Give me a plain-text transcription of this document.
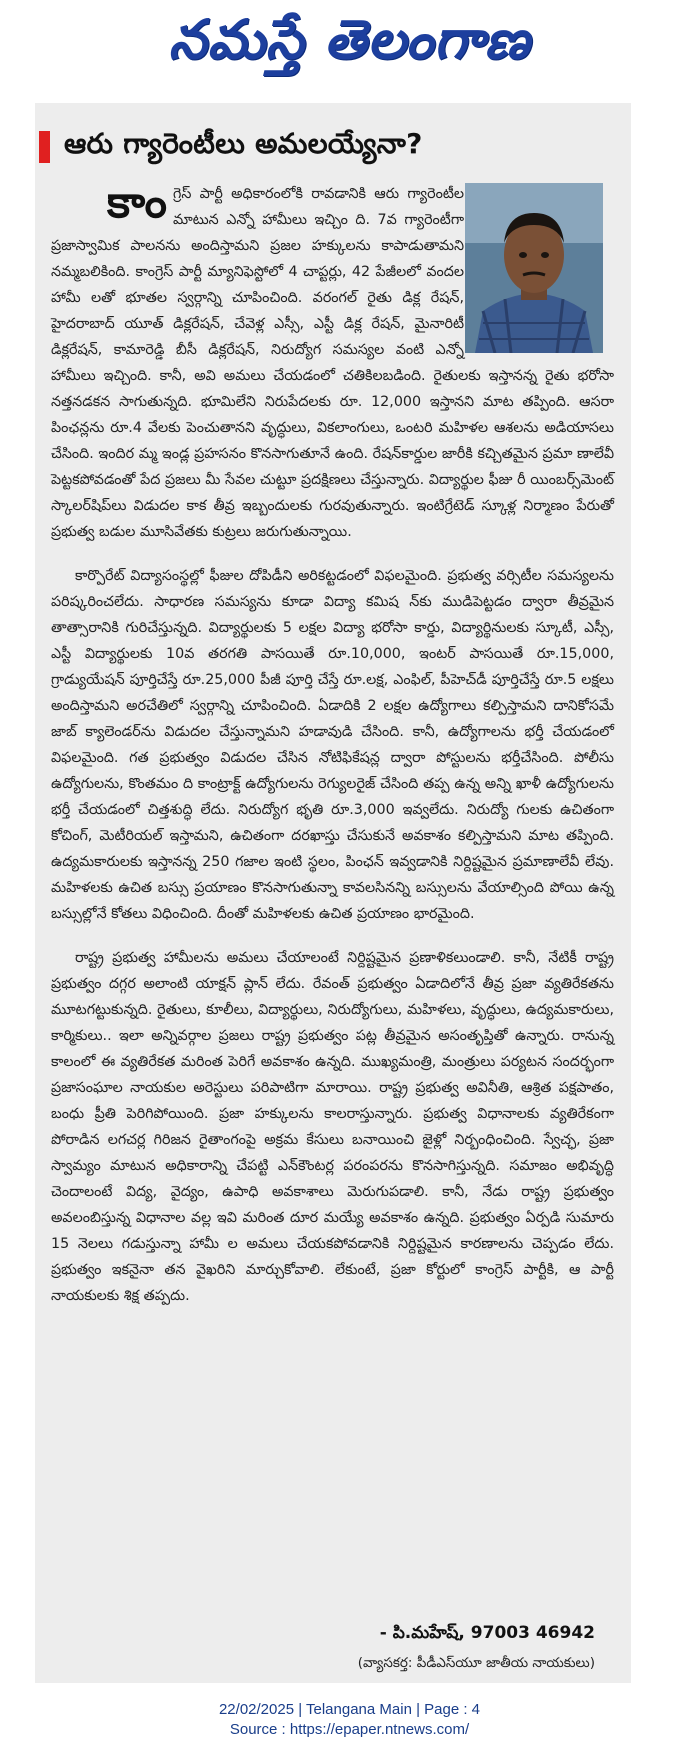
నమస్తే తెలంగాణ
ఆరు గ్యారెంటీలు అమలయ్యేనా?

కాంగ్రెస్ పార్టీ అధికారంలోకి రావడానికి ఆరు గ్యారెంటీల మాటున ఎన్నో హామీలు ఇచ్చిం ది. 7వ గ్యారెంటీగా ప్రజాస్వామిక పాలనను అందిస్తామని ప్రజల హక్కులను కాపాడుతామని నమ్మబలికింది. కాంగ్రెస్ పార్టీ మ్యానిఫెస్టోలో 4 చాప్టర్లు, 42 పేజీలలో వందల హామీ లతో భూతల స్వర్గాన్ని చూపించింది. వరంగల్ రైతు డిక్ల రేషన్, హైదరాబాద్ యూత్ డిక్లరేషన్, చేవెళ్ల ఎస్సీ, ఎస్టీ డిక్ల రేషన్, మైనారిటీ డిక్లరేషన్, కామారెడ్డి బీసీ డిక్లరేషన్, నిరుద్యోగ సమస్యల వంటి ఎన్నో హామీలు ఇచ్చింది. కానీ, అవి అమలు చేయడంలో చతికిలబడింది. రైతులకు ఇస్తానన్న రైతు భరోసా నత్తనడకన సాగుతున్నది. భూమిలేని నిరుపేదలకు రూ. 12,000 ఇస్తానని మాట తప్పింది. ఆసరా పింఛన్లను రూ.4 వేలకు పెంచుతానని వృద్ధులు, వికలాంగులు, ఒంటరి మహిళల ఆశలను అడియాసలు చేసింది. ఇందిర మ్మ ఇండ్ల ప్రహసనం కొనసాగుతూనే ఉంది. రేషన్‌కార్డుల జారీకి కచ్చితమైన ప్రమా ణాలేవీ పెట్టకపోవడంతో పేద ప్రజలు మీ సేవల చుట్టూ ప్రదక్షిణలు చేస్తున్నారు. విద్యార్థుల ఫీజు రీ యింబర్స్‌మెంట్ స్కాలర్‌షిప్‌లు విడుదల కాక తీవ్ర ఇబ్బందులకు గురవుతున్నారు. ఇంటిగ్రేటెడ్ స్కూళ్ల నిర్మాణం పేరుతో ప్రభుత్వ బడుల మూసివేతకు కుట్రలు జరుగుతున్నాయి.

కార్పొరేట్ విద్యాసంస్థల్లో ఫీజుల దోపిడీని అరికట్టడంలో విఫలమైంది. ప్రభుత్వ వర్సిటీల సమస్యలను పరిష్కరించలేదు. సాధారణ సమస్యను కూడా విద్యా కమిష న్‌కు ముడిపెట్టడం ద్వారా తీవ్రమైన తాత్సారానికి గురిచేస్తున్నది. విద్యార్థులకు 5 లక్షల విద్యా భరోసా కార్డు, విద్యార్థినులకు స్కూటీ, ఎస్సీ, ఎస్టీ విద్యార్థులకు 10వ తరగతి పాసయితే రూ.10,000, ఇంటర్ పాసయితే రూ.15,000, గ్రాడ్యుయేషన్ పూర్తిచేస్తే రూ.25,000 పీజీ పూర్తి చేస్తే రూ.లక్ష, ఎంఫిల్, పీహెచ్‌డీ పూర్తిచేస్తే రూ.5 లక్షలు అందిస్తామని అరచేతిలో స్వర్గాన్ని చూపించింది. ఏడాదికి 2 లక్షల ఉద్యోగాలు కల్పిస్తామని దానికోసమే జాబ్ క్యాలెండర్‌ను విడుదల చేస్తున్నామని హడావుడి చేసింది. కానీ, ఉద్యోగాలను భర్తీ చేయడంలో విఫలమైంది. గత ప్రభుత్వం విడుదల చేసిన నోటిఫికేషన్ల ద్వారా పోస్టులను భర్తీచేసింది. పోలీసు ఉద్యోగులను, కొంతమం ది కాంట్రాక్ట్ ఉద్యోగులను రెగ్యులరైజ్ చేసింది తప్ప ఉన్న అన్ని ఖాళీ ఉద్యోగులను భర్తీ చేయడంలో చిత్తశుద్ధి లేదు. నిరుద్యోగ భృతి రూ.3,000 ఇవ్వలేదు. నిరుద్యో గులకు ఉచితంగా కోచింగ్, మెటీరియల్ ఇస్తామని, ఉచితంగా దరఖాస్తు చేసుకునే అవకాశం కల్పిస్తామని మాట తప్పింది. ఉద్యమకారులకు ఇస్తానన్న 250 గజాల ఇంటి స్థలం, పింఛన్ ఇవ్వడానికి నిర్దిష్టమైన ప్రమాణాలేవీ లేవు. మహిళలకు ఉచిత బస్సు ప్రయాణం కొనసాగుతున్నా కావలసినన్ని బస్సులను వేయాల్సింది పోయి ఉన్న బస్సుల్లోనే కోతలు విధించింది. దీంతో మహిళలకు ఉచిత ప్రయాణం భారమైంది.

రాష్ట్ర ప్రభుత్వ హామీలను అమలు చేయాలంటే నిర్దిష్టమైన ప్రణాళికలుండాలి. కానీ, నేటికీ రాష్ట్ర ప్రభుత్వం దగ్గర అలాంటి యాక్షన్ ప్లాన్ లేదు. రేవంత్ ప్రభుత్వం ఏడాదిలోనే తీవ్ర ప్రజా వ్యతిరేకతను మూటగట్టుకున్నది. రైతులు, కూలీలు, విద్యార్థులు, నిరుద్యోగులు, మహిళలు, వృద్ధులు, ఉద్యమకారులు, కార్మికులు.. ఇలా అన్నివర్గాల ప్రజలు రాష్ట్ర ప్రభుత్వం పట్ల తీవ్రమైన అసంతృప్తితో ఉన్నారు. రానున్న కాలంలో ఈ వ్యతిరేకత మరింత పెరిగే అవకాశం ఉన్నది. ముఖ్యమంత్రి, మంత్రులు పర్యటన సందర్భంగా ప్రజాసంఘాల నాయకుల అరెస్టులు పరిపాటిగా మారాయి. రాష్ట్ర ప్రభుత్వ అవినీతి, ఆశ్రిత పక్షపాతం, బంధు ప్రీతి పెరిగిపోయింది. ప్రజా హక్కులను కాలరాస్తున్నారు. ప్రభుత్వ విధానాలకు వ్యతిరేకంగా పోరాడిన లగచర్ల గిరిజన రైతాంగంపై అక్రమ కేసులు బనాయించి జైళ్లో నిర్బంధించింది. స్వేచ్ఛ, ప్రజా స్వామ్యం మాటున అధికారాన్ని చేపట్టి ఎన్‌కౌంటర్ల పరంపరను కొనసాగిస్తున్నది. సమాజం అభివృద్ధి చెందాలంటే విద్య, వైద్యం, ఉపాధి అవకాశాలు మెరుగుపడాలి. కానీ, నేడు రాష్ట్ర ప్రభుత్వం అవలంబిస్తున్న విధానాల వల్ల ఇవి మరింత దూర మయ్యే అవకాశం ఉన్నది. ప్రభుత్వం ఏర్పడి సుమారు 15 నెలలు గడుస్తున్నా హామీ ల అమలు చేయకపోవడానికి నిర్దిష్టమైన కారణాలను చెప్పడం లేదు. ప్రభుత్వం ఇకనైనా తన వైఖరిని మార్చుకోవాలి. లేకుంటే, ప్రజా కోర్టులో కాంగ్రెస్ పార్టీకి, ఆ పార్టీ నాయకులకు శిక్ష తప్పదు.

- పి.మహేష్, 97003 46942
(వ్యాసకర్త: పీడీఎస్‌యూ జాతీయ నాయకులు)
22/02/2025 | Telangana Main | Page : 4
Source : https://epaper.ntnews.com/
